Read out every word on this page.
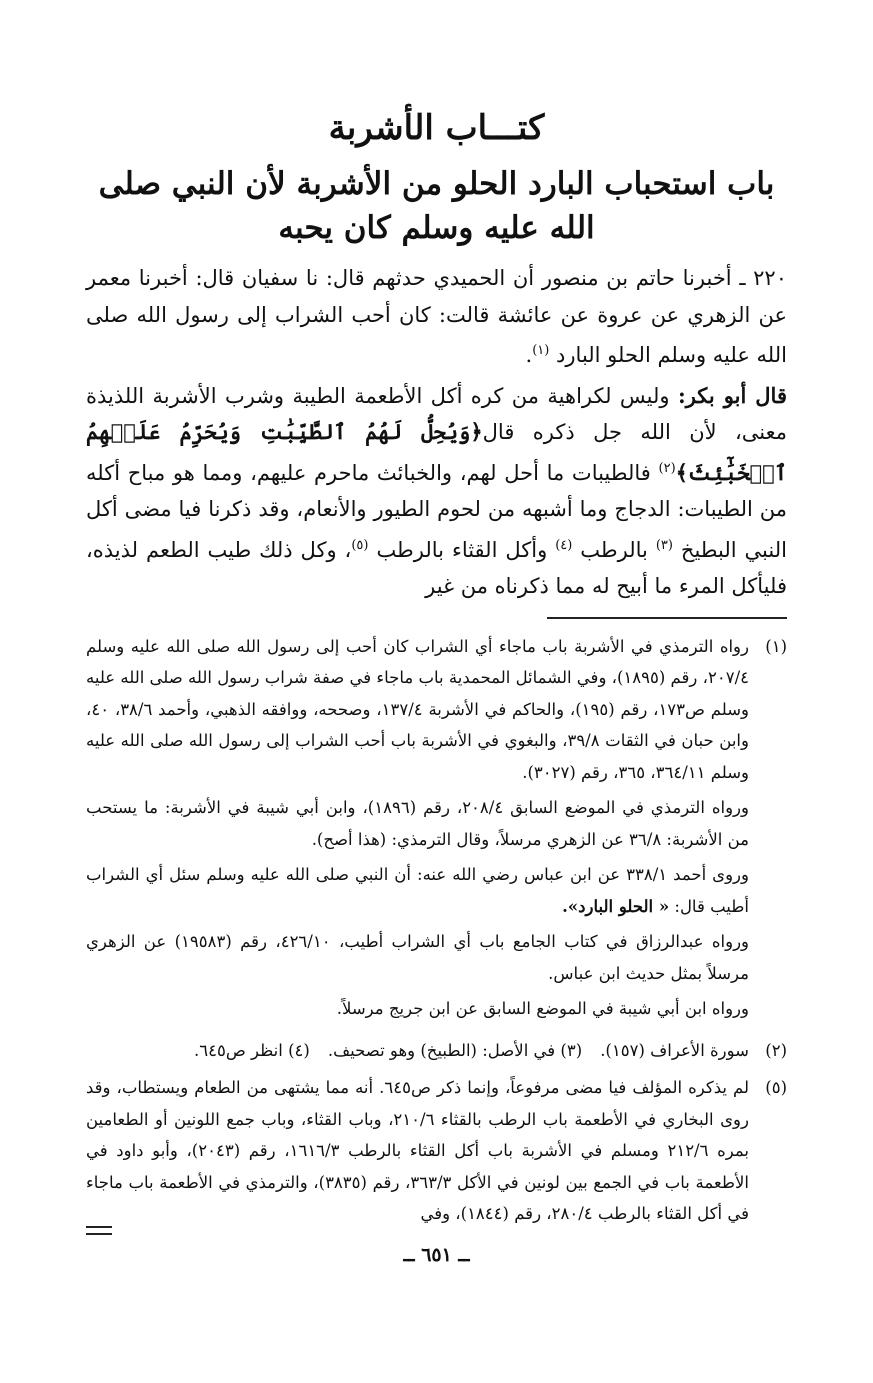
كتـــاب الأشربة
باب استحباب البارد الحلو من الأشربة لأن النبي صلى الله عليه وسلم كان يحبه

٢٢٠ ـ أخبرنا حاتم بن منصور أن الحميدي حدثهم قال: نا سفيان قال: أخبرنا معمر عن الزهري عن عروة عن عائشة قالت: كان أحب الشراب إلى رسول الله صلى الله عليه وسلم الحلو البارد $^{(١)}$.

قال أبو بكر: وليس لكراهية من كره أكل الأطعمة الطيبة وشرب الأشربة اللذيذة معنى، لأن الله جل ذكره قال﴿وَيُحِلُّ لَهُمُ ٱلطَّيِّبَٰتِ وَيُحَرِّمُ عَلَيۡهِمُ ٱلۡخَبَٰٓئِثَ﴾$^{(٢)}$ فالطيبات ما أحل لهم، والخبائث ماحرم عليهم، ومما هو مباح أكله من الطيبات: الدجاج وما أشبهه من لحوم الطيور والأنعام، وقد ذكرنا فيا مضى أكل النبي البطيخ $^{(٣)}$ بالرطب $^{(٤)}$ وأكل القثاء بالرطب $^{(٥)}$، وكل ذلك طيب الطعم لذيذه، فليأكل المرء ما أبيح له مما ذكرناه من غير

(١)

رواه الترمذي في الأشربة باب ماجاء أي الشراب كان أحب إلى رسول الله صلى الله عليه وسلم ٢٠٧/٤، رقم (١٨٩٥)، وفي الشمائل المحمدية باب ماجاء في صفة شراب رسول الله صلى الله عليه وسلم ص١٧٣، رقم (١٩٥)، والحاكم في الأشربة ١٣٧/٤، وصححه، ووافقه الذهبي، وأحمد ٣٨/٦، ٤٠، وابن حبان في الثقات ٣٩/٨، والبغوي في الأشربة باب أحب الشراب إلى رسول الله صلى الله عليه وسلم ٣٦٤/١١، ٣٦٥، رقم (٣٠٢٧).

ورواه الترمذي في الموضع السابق ٢٠٨/٤، رقم (١٨٩٦)، وابن أبي شيبة في الأشربة: ما يستحب من الأشربة: ٣٦/٨ عن الزهري مرسلاً، وقال الترمذي: (هذا أصح).

وروى أحمد ٣٣٨/١ عن ابن عباس رضي الله عنه: أن النبي صلى الله عليه وسلم سئل أي الشراب أطيب قال: « الحلو البارد».

ورواه عبدالرزاق في كتاب الجامع باب أي الشراب أطيب، ٤٢٦/١٠، رقم (١٩٥٨٣) عن الزهري مرسلاً بمثل حديث ابن عباس.

ورواه ابن أبي شيبة في الموضع السابق عن ابن جريج مرسلاً.

(٢)
سورة الأعراف (١٥٧).(٣) في الأصل: (الطبيخ) وهو تصحيف.(٤) انظر ص٦٤٥.
(٥)
لم يذكره المؤلف فيا مضى مرفوعاً، وإنما ذكر ص٦٤٥. أنه مما يشتهى من الطعام ويستطاب، وقد روى البخاري في الأطعمة باب الرطب بالقثاء ٢١٠/٦، وباب القثاء، وباب جمع اللونين أو الطعامين بمره ٢١٢/٦ ومسلم في الأشربة باب أكل القثاء بالرطب ١٦١٦/٣، رقم (٢٠٤٣)، وأبو داود في الأطعمة باب في الجمع بين لونين في الأكل ٣٦٣/٣، رقم (٣٨٣٥)، والترمذي في الأطعمة باب ماجاء في أكل القثاء بالرطب ٢٨٠/٤، رقم (١٨٤٤)، وفي
ــ ٦٥١ ــ
